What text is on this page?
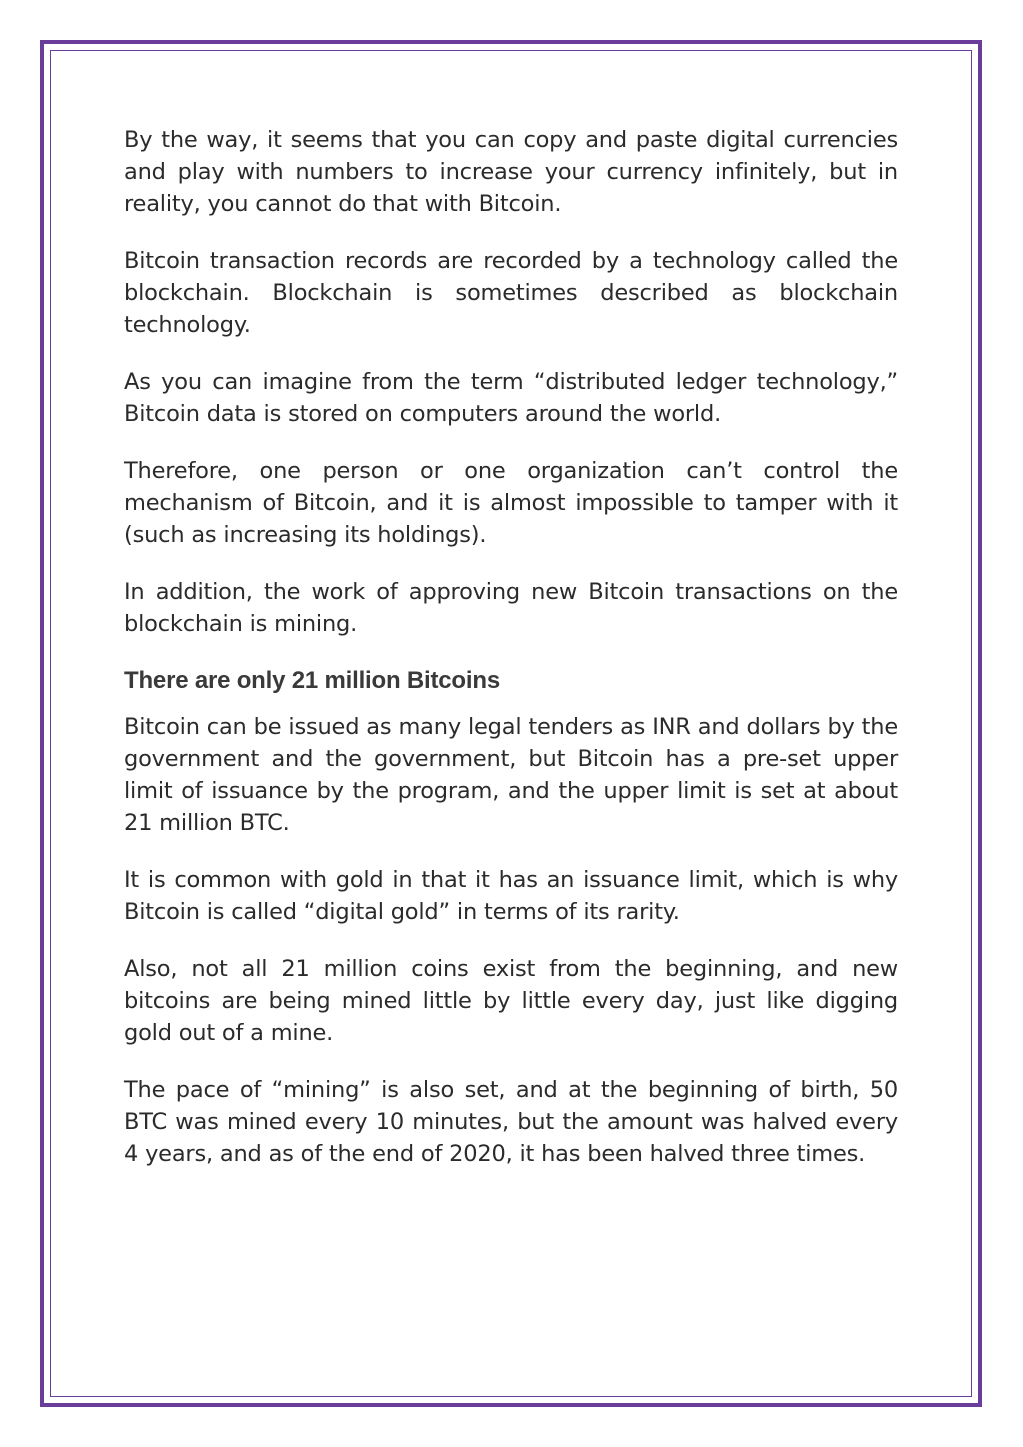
By the way, it seems that you can copy and paste digital currencies and play with numbers to increase your currency infinitely, but in reality, you cannot do that with Bitcoin.

Bitcoin transaction records are recorded by a technology called the blockchain. Blockchain is sometimes described as blockchain technology.

As you can imagine from the term “distributed ledger technology,” Bitcoin data is stored on computers around the world.

Therefore, one person or one organization can’t control the mechanism of Bitcoin, and it is almost impossible to tamper with it (such as increasing its holdings).

In addition, the work of approving new Bitcoin transactions on the blockchain is mining.

There are only 21 million Bitcoins

Bitcoin can be issued as many legal tenders as INR and dollars by the government and the government, but Bitcoin has a pre-set upper limit of issuance by the program, and the upper limit is set at about 21 million BTC.

It is common with gold in that it has an issuance limit, which is why Bitcoin is called “digital gold” in terms of its rarity.

Also, not all 21 million coins exist from the beginning, and new bitcoins are being mined little by little every day, just like digging gold out of a mine.

The pace of “mining” is also set, and at the beginning of birth, 50 BTC was mined every 10 minutes, but the amount was halved every 4 years, and as of the end of 2020, it has been halved three times.
